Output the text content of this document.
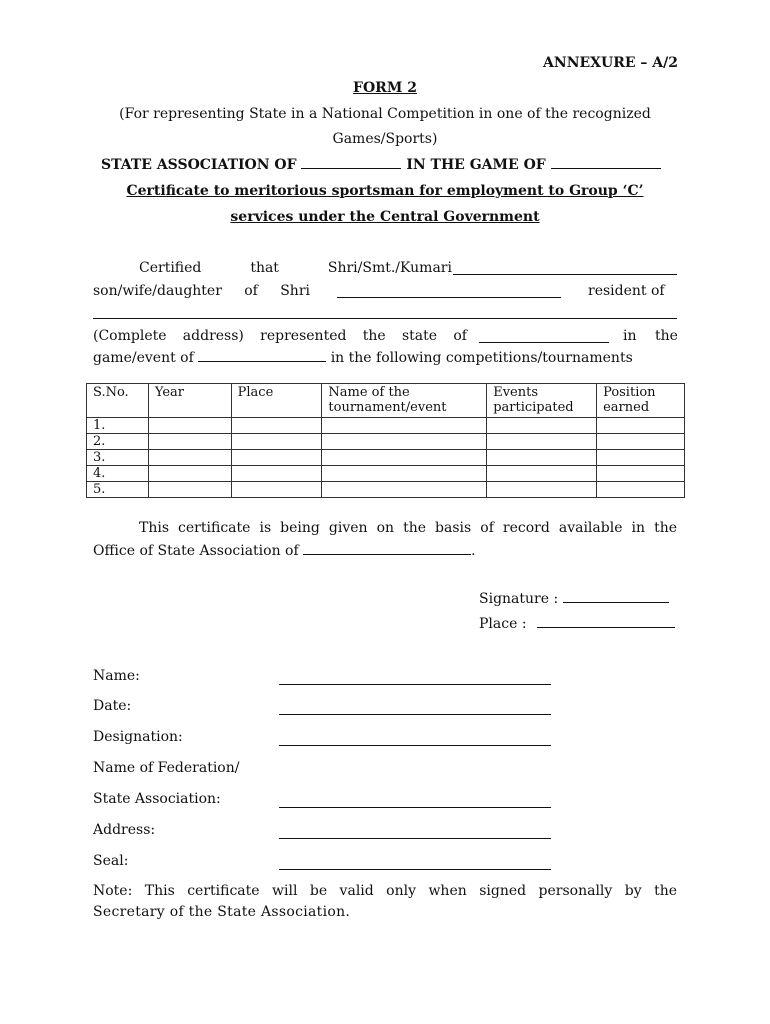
ANNEXURE – A/2
FORM 2
(For representing State in a National Competition in one of the recognized
Games/Sports)
STATE ASSOCIATION OF	IN THE GAME OF
Certificate to meritorious sportsman for employment to Group ‘C’
services under the Central Government
Certified	that	Shri/Smt./Kumari
son/wife/daughter of Shri	resident of
(Complete address) represented the state of	in the
game/event of	in the following competitions/tournaments
S.No.	Year	Place	Name of the tournament/event	Events participated	Position earned
1.					
2.					
3.					
4.					
5.					
This certificate is being given on the basis of record available in the
Office of State Association of	.
Signature :
Place :
Name:
Date:
Designation:
Name of Federation/
State Association:
Address:
Seal:
Note: This certificate will be valid only when signed personally by the
Secretary of the State Association.
